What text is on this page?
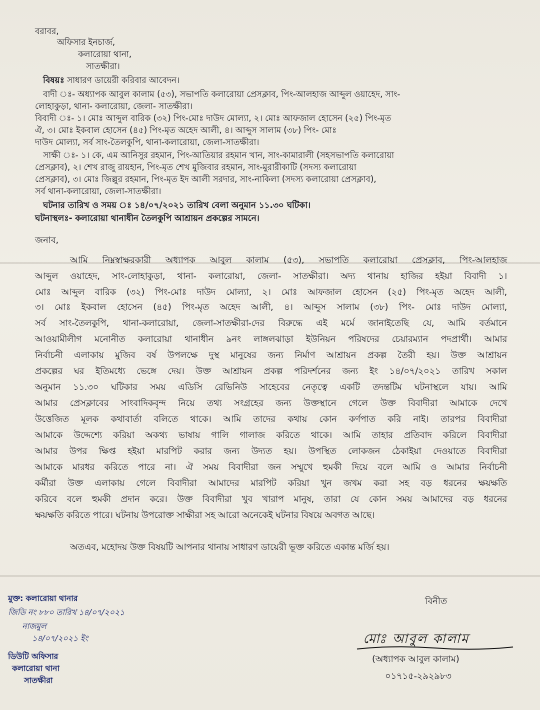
বরাবর,

অফিসার ইনচার্জ,

কলারোয়া থানা,

সাতক্ষীরা।

বিষয়ঃ সাধারণ ডায়েরী করিবার আবেদন।

বাদী ঃ- অধ্যাপক আবুল কালাম (৫৩), সভাপতি কলারোয়া প্রেসক্লাব, পিং-আলহাজ আব্দুল ওয়াহেদ, সাং-

লোহাকুড়া, থানা- কলারোয়া, জেলা- সাতক্ষীরা।

বিবাদী ঃ- ১। মোঃ আব্দুল বারিক (৩২) পিং-মোঃ দাউদ মোল্যা, ২। মোঃ আফজাল হোসেন (২৫) পিং-মৃত

ঐ, ৩। মোঃ ইকবাল হোসেন (৪৫) পিং-মৃত অহেদ আলী, ৪। আব্দুস সালাম (৩৮) পিং- মোঃ

দাউদ মোল্যা, সর্ব সাং-তৈলকুপি, থানা-কলারোয়া, জেলা-সাতক্ষীরা।

সাক্ষী ঃ- ১। কে, এম আনিসুর রহমান, পিং-আতিয়ার রহমান খান, সাং-কামারালী (সহসভাপতি কলারোয়া

প্রেসক্লাব), ২। শেখ রাজু রায়হান, পিং-মৃত শেখ মুজিবার রহমান, সাং-মুরারীকাটি (সদস্য কলারোয়া

প্রেসক্লাব), ৩। মোঃ জিল্লুর রহমান, পিং-মৃত ইদ আলী সরদার, সাং-নাকিলা (সদস্য কলারোয়া প্রেসক্লাব),

সর্ব থানা-কলারোয়া, জেলা-সাতক্ষীরা।

ঘটনার তারিখ ও সময় ঃ ১৪/০৭/২০২১ তারিখ বেলা অনুমান ১১.৩০ ঘটিকা।

ঘটনাস্থলঃ- কলারোয়া থানাধীন তৈলকুপি আশ্রায়ন প্রকল্পের সামনে।

জনাব,

আমি নিম্নস্বাক্ষরকারী অধ্যাপক আবুল কালাম (৫৩), সভাপতি কলারোয়া প্রেসক্লাব, পিং-আলহাজ

আব্দুল ওয়াহেদ, সাং-লোহাকুড়া, থানা- কলারোয়া, জেলা- সাতক্ষীরা। অদ্য থানায় হাজির হইয়া বিবাদী ১।

মোঃ আব্দুল বারিক (৩২) পিং-মোঃ দাউদ মোল্যা, ২। মোঃ আফজাল হোসেন (২৫) পিং-মৃত অহেদ আলী,

৩। মোঃ ইকবাল হোসেন (৪৫) পিং-মৃত অহেদ আলী, ৪। আব্দুস সালাম (৩৮) পিং- মোঃ দাউদ মোল্যা,

সর্ব সাং-তৈলকুপি, থানা-কলারোয়া, জেলা-সাতক্ষীরা-দের বিরুদ্ধে এই মর্মে জানাইতেছি যে, আমি বর্তমানে

আওয়ামীলীগ মনোনীত কলারোয়া থানাধীন ৯নং লাঙ্গলঝাড়া ইউনিয়ন পরিষদের চেয়ারম্যান পদপ্রার্থী। আমার

নির্বাচনী এলাকায় মুজিব বর্ষ উপলক্ষে দুস্থ মানুষের জন্য নির্মাণ আশ্রায়ন প্রকল্প তৈরী হয়। উক্ত আশ্রায়ন

প্রকল্পের ঘর ইতিমধ্যে ভেঙ্গে দেয়। উক্ত আশ্রায়ন প্রকল্প পরিদর্শনের জন্য ইং ১৪/০৭/২০২১ তারিখ সকাল

অনুমান ১১.৩০ ঘটিকার সময় এডিসি রেভিনিউ সাহেবের নেতৃত্বে একটি তদন্তটিম ঘটনাস্থলে যায়। আমি

আমার প্রেসক্লাবের সাংবাদিকবৃন্দ নিয়ে তথ্য সংগ্রহের জন্য উক্তস্থানে গেলে উক্ত বিবাদীরা আমাকে দেখে

উত্তেজিত মূলক কথাবার্তা বলিতে থাকে। আমি তাদের কথায় কোন কর্ণপাত করি নাই। তারপর বিবাদীরা

আমাকে উদ্দেশ্যে করিয়া অকথ্য ভাষায় গালি গালাজ করিতে থাকে। আমি তাহার প্রতিবাদ করিলে বিবাদীরা

আমার উপর ক্ষিপ্ত হইয়া মারপিট করার জন্য উদ্যত হয়। উপস্থিত লোকজন ঠেকাইয়া দেওয়াতে বিবাদীরা

আমাকে মারধর করিতে পারে না। ঐ সময় বিবাদীরা জন সম্মুখে হুমকী দিয়ে বলে আমি ও আমার নির্বাচনী

কর্মীরা উক্ত এলাকায় গেলে বিবাদীরা আমাদের মারপিট করিয়া খুন জখম করা সহ বড় ধরনের ক্ষয়ক্ষতি

করিবে বলে হুমকী প্রদান করে। উক্ত বিবাদীরা খুব খারাপ মানুষ, তারা যে কোন সময় আমাদের বড় ধরনের

ক্ষয়ক্ষতি করিতে পারে। ঘটনায় উপরোক্ত সাক্ষীরা সহ আরো অনেকেই ঘটনার বিষয়ে অবগত আছে।

অতএব, মহোদয় উক্ত বিষয়টি আপনার থানায় সাধারণ ডায়েরী ভূক্ত করিতে একান্ত মর্জি হয়।

বিনীত

মোঃ আবুল কালাম

(অধ্যাপক আবুল কালাম)

০১৭১৫-২৯২৯৮৩

মুক্ত: কলারোয়া থানার

জিডি নং ৮৮০ তারিখ ১৪/০৭/২০২১

নাজমুল

১৪/০৭/২০২১ ইং

ডিউটি অফিসার

কলারোয়া থানা

সাতক্ষীরা
